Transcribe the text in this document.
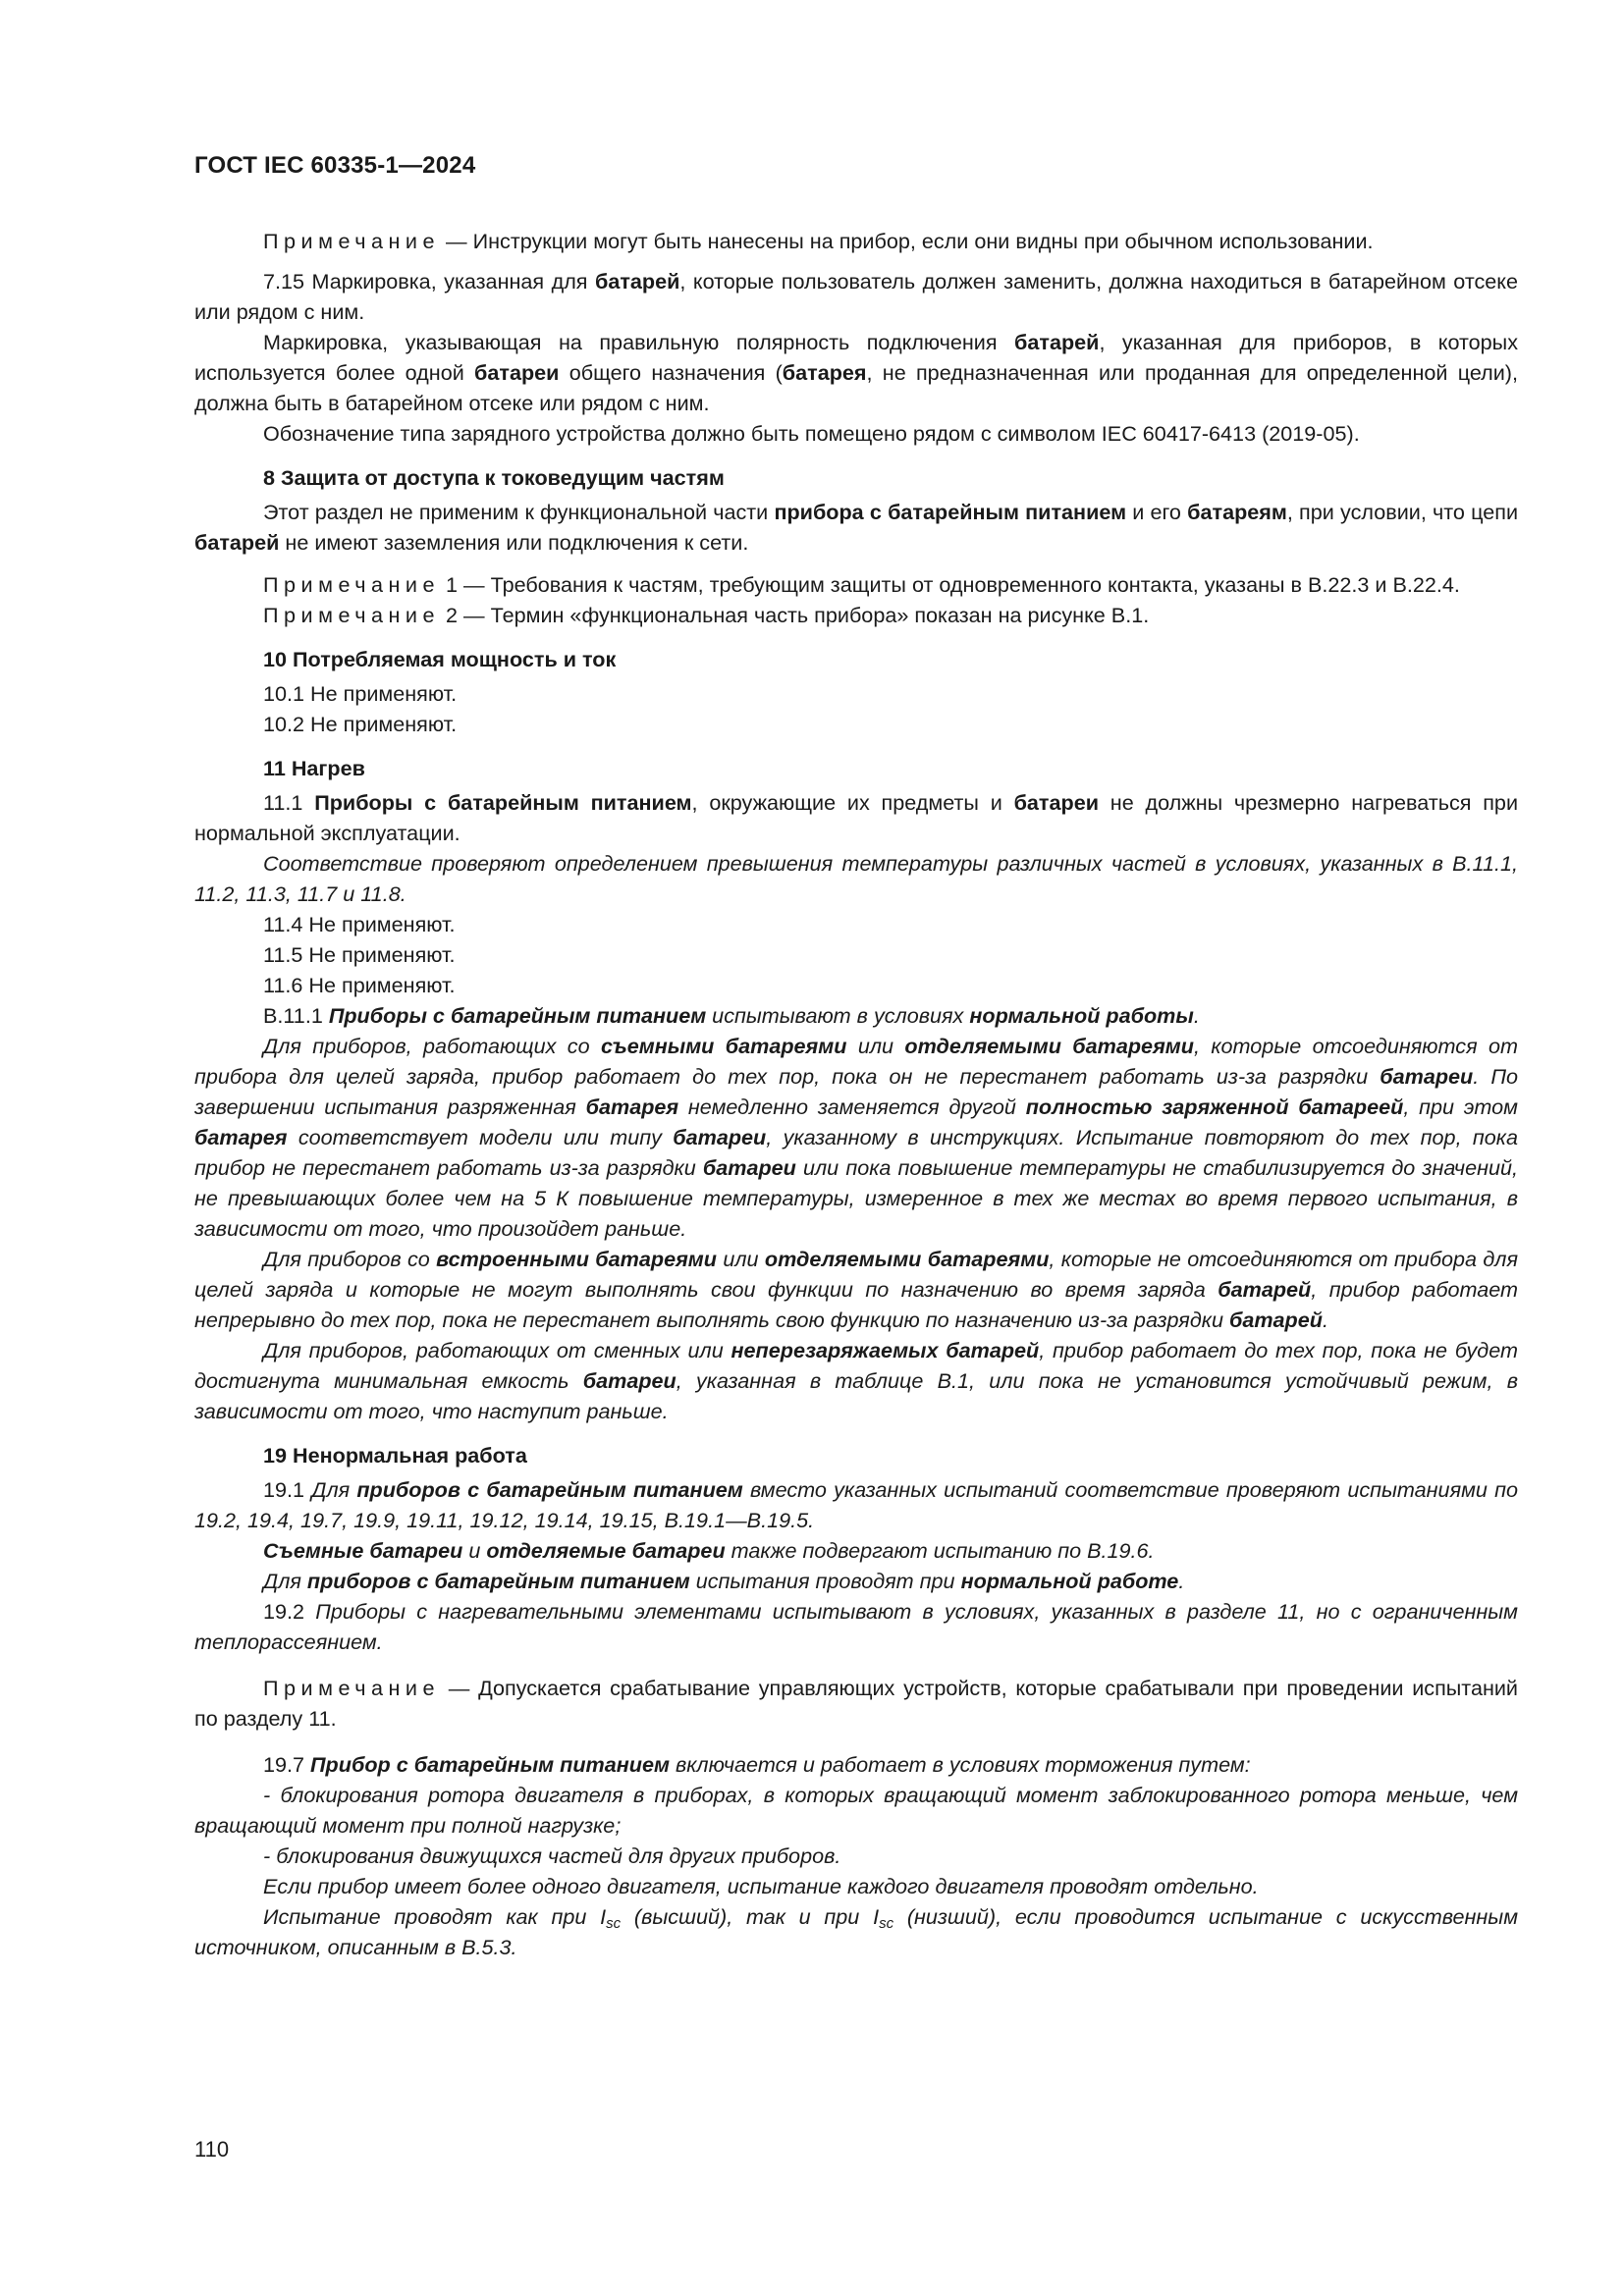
ГОСТ IEC 60335-1—2024

Примечание — Инструкции могут быть нанесены на прибор, если они видны при обычном использовании.

7.15 Маркировка, указанная для батарей, которые пользователь должен заменить, должна находиться в батарейном отсеке или рядом с ним.

Маркировка, указывающая на правильную полярность подключения батарей, указанная для приборов, в которых используется более одной батареи общего назначения (батарея, не предназначенная или проданная для определенной цели), должна быть в батарейном отсеке или рядом с ним.

Обозначение типа зарядного устройства должно быть помещено рядом с символом IEC 60417-6413 (2019-05).

8 Защита от доступа к токоведущим частям

Этот раздел не применим к функциональной части прибора с батарейным питанием и его батареям, при условии, что цепи батарей не имеют заземления или подключения к сети.

Примечание 1 — Требования к частям, требующим защиты от одновременного контакта, указаны в B.22.3 и B.22.4.

Примечание 2 — Термин «функциональная часть прибора» показан на рисунке B.1.

10 Потребляемая мощность и ток

10.1 Не применяют.

10.2 Не применяют.

11 Нагрев

11.1 Приборы с батарейным питанием, окружающие их предметы и батареи не должны чрезмерно нагреваться при нормальной эксплуатации.

Соответствие проверяют определением превышения температуры различных частей в условиях, указанных в B.11.1, 11.2, 11.3, 11.7 и 11.8.

11.4 Не применяют.

11.5 Не применяют.

11.6 Не применяют.

B.11.1 Приборы с батарейным питанием испытывают в условиях нормальной работы.

Для приборов, работающих со съемными батареями или отделяемыми батареями, которые отсоединяются от прибора для целей заряда, прибор работает до тех пор, пока он не перестанет работать из-за разрядки батареи. По завершении испытания разряженная батарея немедленно заменяется другой полностью заряженной батареей, при этом батарея соответствует модели или типу батареи, указанному в инструкциях. Испытание повторяют до тех пор, пока прибор не перестанет работать из-за разрядки батареи или пока повышение температуры не стабилизируется до значений, не превышающих более чем на 5 К повышение температуры, измеренное в тех же местах во время первого испытания, в зависимости от того, что произойдет раньше.

Для приборов со встроенными батареями или отделяемыми батареями, которые не отсоединяются от прибора для целей заряда и которые не могут выполнять свои функции по назначению во время заряда батарей, прибор работает непрерывно до тех пор, пока не перестанет выполнять свою функцию по назначению из-за разрядки батарей.

Для приборов, работающих от сменных или неперезаряжаемых батарей, прибор работает до тех пор, пока не будет достигнута минимальная емкость батареи, указанная в таблице B.1, или пока не установится устойчивый режим, в зависимости от того, что наступит раньше.

19 Ненормальная работа

19.1 Для приборов с батарейным питанием вместо указанных испытаний соответствие проверяют испытаниями по 19.2, 19.4, 19.7, 19.9, 19.11, 19.12, 19.14, 19.15, B.19.1—B.19.5.

Съемные батареи и отделяемые батареи также подвергают испытанию по B.19.6.

Для приборов с батарейным питанием испытания проводят при нормальной работе.

19.2 Приборы с нагревательными элементами испытывают в условиях, указанных в разделе 11, но с ограниченным теплорассеянием.

Примечание — Допускается срабатывание управляющих устройств, которые срабатывали при проведении испытаний по разделу 11.

19.7 Прибор с батарейным питанием включается и работает в условиях торможения путем:

- блокирования ротора двигателя в приборах, в которых вращающий момент заблокированного ротора меньше, чем вращающий момент при полной нагрузке;

- блокирования движущихся частей для других приборов.

Если прибор имеет более одного двигателя, испытание каждого двигателя проводят отдельно.

Испытание проводят как при $I_{sc}$ (высший), так и при $I_{sc}$ (низший), если проводится испытание с искусственным источником, описанным в B.5.3.

110
